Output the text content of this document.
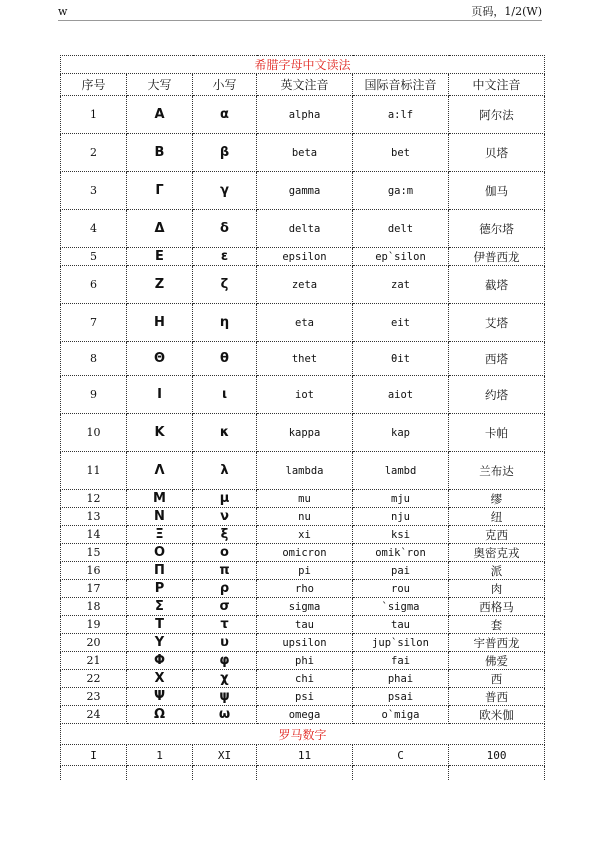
w	页码，1/2(W)
希腊字母中文读法					
序号	大写	小写	英文注音	国际音标注音	中文注音
1	Α	α	alpha	a:lf	阿尔法
2	Β	β	beta	bet	贝塔
3	Γ	γ	gamma	ga:m	伽马
4	Δ	δ	delta	delt	德尔塔
5	Ε	ε	epsilon	ep`silon	伊普西龙
6	Ζ	ζ	zeta	zat	截塔
7	Η	η	eta	eit	艾塔
8	Θ	θ	thet	θit	西塔
9	Ι	ι	iot	aiot	约塔
10	Κ	κ	kappa	kap	卡帕
11	Λ	λ	lambda	lambd	兰布达
12	Μ	μ	mu	mju	缪
13	Ν	ν	nu	nju	纽
14	Ξ	ξ	xi	ksi	克西
15	Ο	ο	omicron	omik`ron	奥密克戎
16	Π	π	pi	pai	派
17	Ρ	ρ	rho	rou	肉
18	Σ	σ	sigma	`sigma	西格马
19	Τ	τ	tau	tau	套
20	Υ	υ	upsilon	jup`silon	宇普西龙
21	Φ	φ	phi	fai	佛爱
22	Χ	χ	chi	phai	西
23	Ψ	ψ	psi	psai	普西
24	Ω	ω	omega	o`miga	欧米伽
罗马数字					
I	1	XI	11	C	100
